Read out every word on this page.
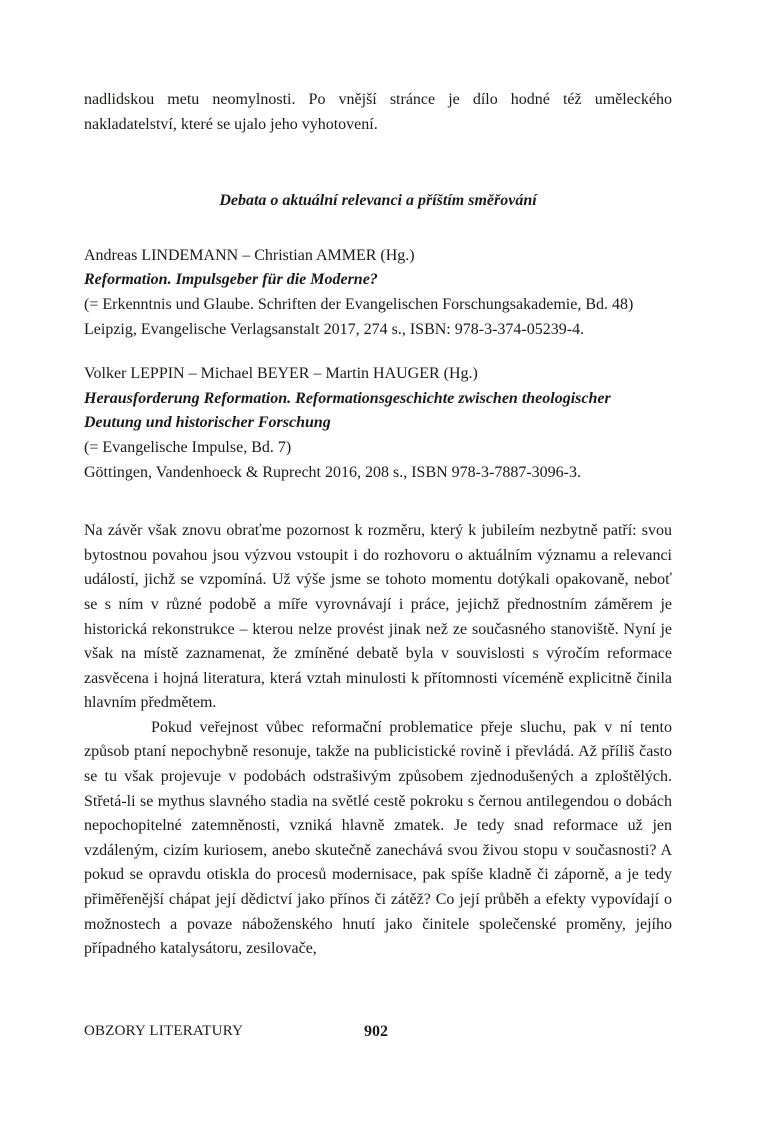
nadlidskou metu neomylnosti. Po vnější stránce je dílo hodné též uměleckého nakladatelství, které se ujalo jeho vyhotovení.

Debata o aktuální relevanci a příštím směřování
Andreas LINDEMANN – Christian AMMER (Hg.)
Reformation. Impulsgeber für die Moderne?
(= Erkenntnis und Glaube. Schriften der Evangelischen Forschungsakademie, Bd. 48)
Leipzig, Evangelische Verlagsanstalt 2017, 274 s., ISBN: 978-3-374-05239-4.
Volker LEPPIN – Michael BEYER – Martin HAUGER (Hg.)
Herausforderung Reformation. Reformationsgeschichte zwischen theologischer Deutung und historischer Forschung
(= Evangelische Impulse, Bd. 7)
Göttingen, Vandenhoeck & Ruprecht 2016, 208 s., ISBN 978-3-7887-3096-3.

Na závěr však znovu obraťme pozornost k rozměru, který k jubileím nezbytně patří: svou bytostnou povahou jsou výzvou vstoupit i do rozhovoru o aktuálním významu a relevanci událostí, jichž se vzpomíná. Už výše jsme se tohoto momentu dotýkali opakovaně, neboť se s ním v různé podobě a míře vyrovnávají i práce, jejichž přednostním záměrem je historická rekonstrukce – kterou nelze provést jinak než ze současného stanoviště. Nyní je však na místě zaznamenat, že zmíněné debatě byla v souvislosti s výročím reformace zasvěcena i hojná literatura, která vztah minulosti k přítomnosti víceméně explicitně činila hlavním předmětem.

Pokud veřejnost vůbec reformační problematice přeje sluchu, pak v ní tento způsob ptaní nepochybně resonuje, takže na publicistické rovině i převládá. Až příliš často se tu však projevuje v podobách odstrašivým způsobem zjednodušených a zploštělých. Střetá-li se mythus slavného stadia na světlé cestě pokroku s černou antilegendou o dobách nepochopitelné zatemněnosti, vzniká hlavně zmatek. Je tedy snad reformace už jen vzdáleným, cizím kuriosem, anebo skutečně zanechává svou živou stopu v současnosti? A pokud se opravdu otiskla do procesů modernisace, pak spíše kladně či záporně, a je tedy přiměřenější chápat její dědictví jako přínos či zátěž? Co její průběh a efekty vypovídají o možnostech a povaze náboženského hnutí jako činitele společenské proměny, jejího případného katalysátoru, zesilovače,

OBZORY LITERATURY	902
